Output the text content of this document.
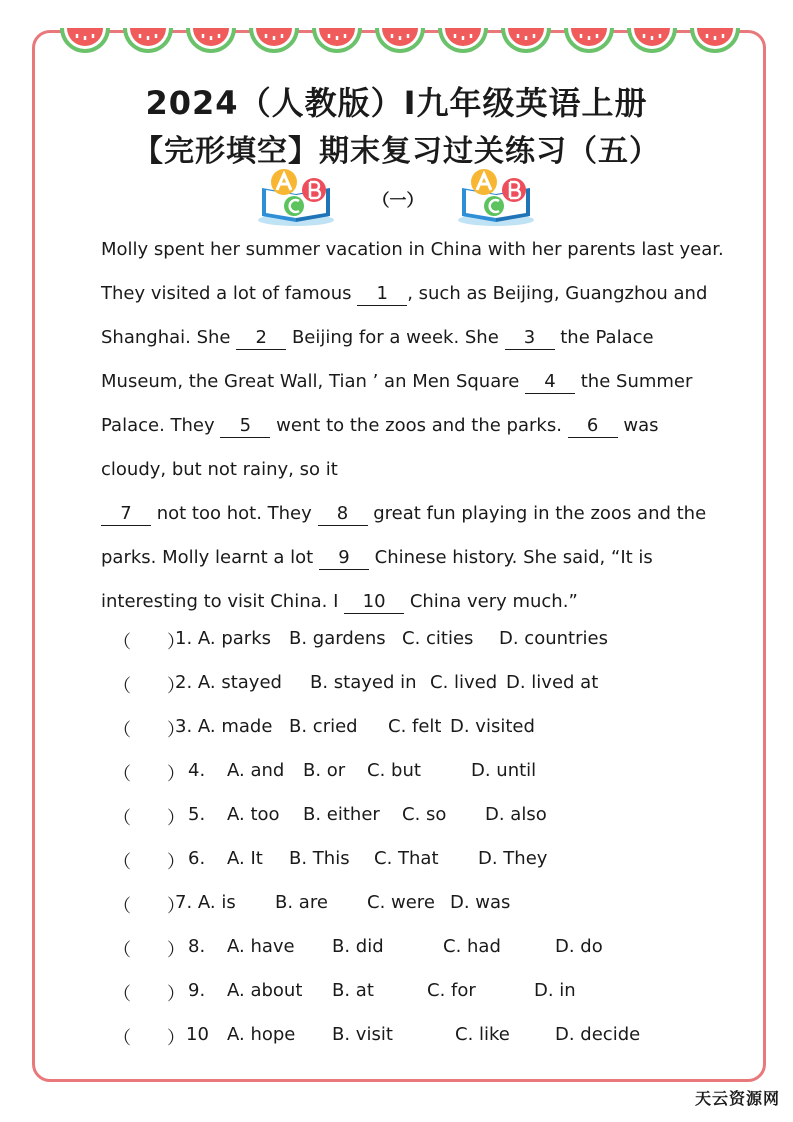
2024（人教版）Ⅰ九年级英语上册
【完形填空】期末复习过关练习（五）
（一）

Molly spent her summer vacation in China with her parents last year.

They visited a lot of famous 1 , such as Beijing, Guangzhou and

Shanghai. She 2 Beijing for a week. She 3 the Palace

Museum, the Great Wall, Tian ’ an Men Square 4 the Summer

Palace. They 5 went to the zoos and the parks. 6 was

cloudy, but not rainy, so it

7 not too hot. They 8 great fun playing in the zoos and the

parks. Molly learnt a lot 9 Chinese history. She said, “It is

interesting to visit China. I 10 China very much.”

（　　）
1. A. parks B. gardens C. cities D. countries
（　　）
2. A. stayed B. stayed in C. lived D. lived at
（　　）
3. A. made B. cried C. felt D. visited
（　　） 4. A. and B. or C. but	D. until
（　　） 5. A. too B. either C. so D. also
（　　） 6. A. It B. This C. That D. They
（　　）
7. A. is B. are C. were D. was
（　　） 8. A. have B. did	C. had	D. do
（　　） 9. A. about B. at	C. for	D. in
（　　） 10 A. hope B. visit	C. like	D. decide
天云资源网
